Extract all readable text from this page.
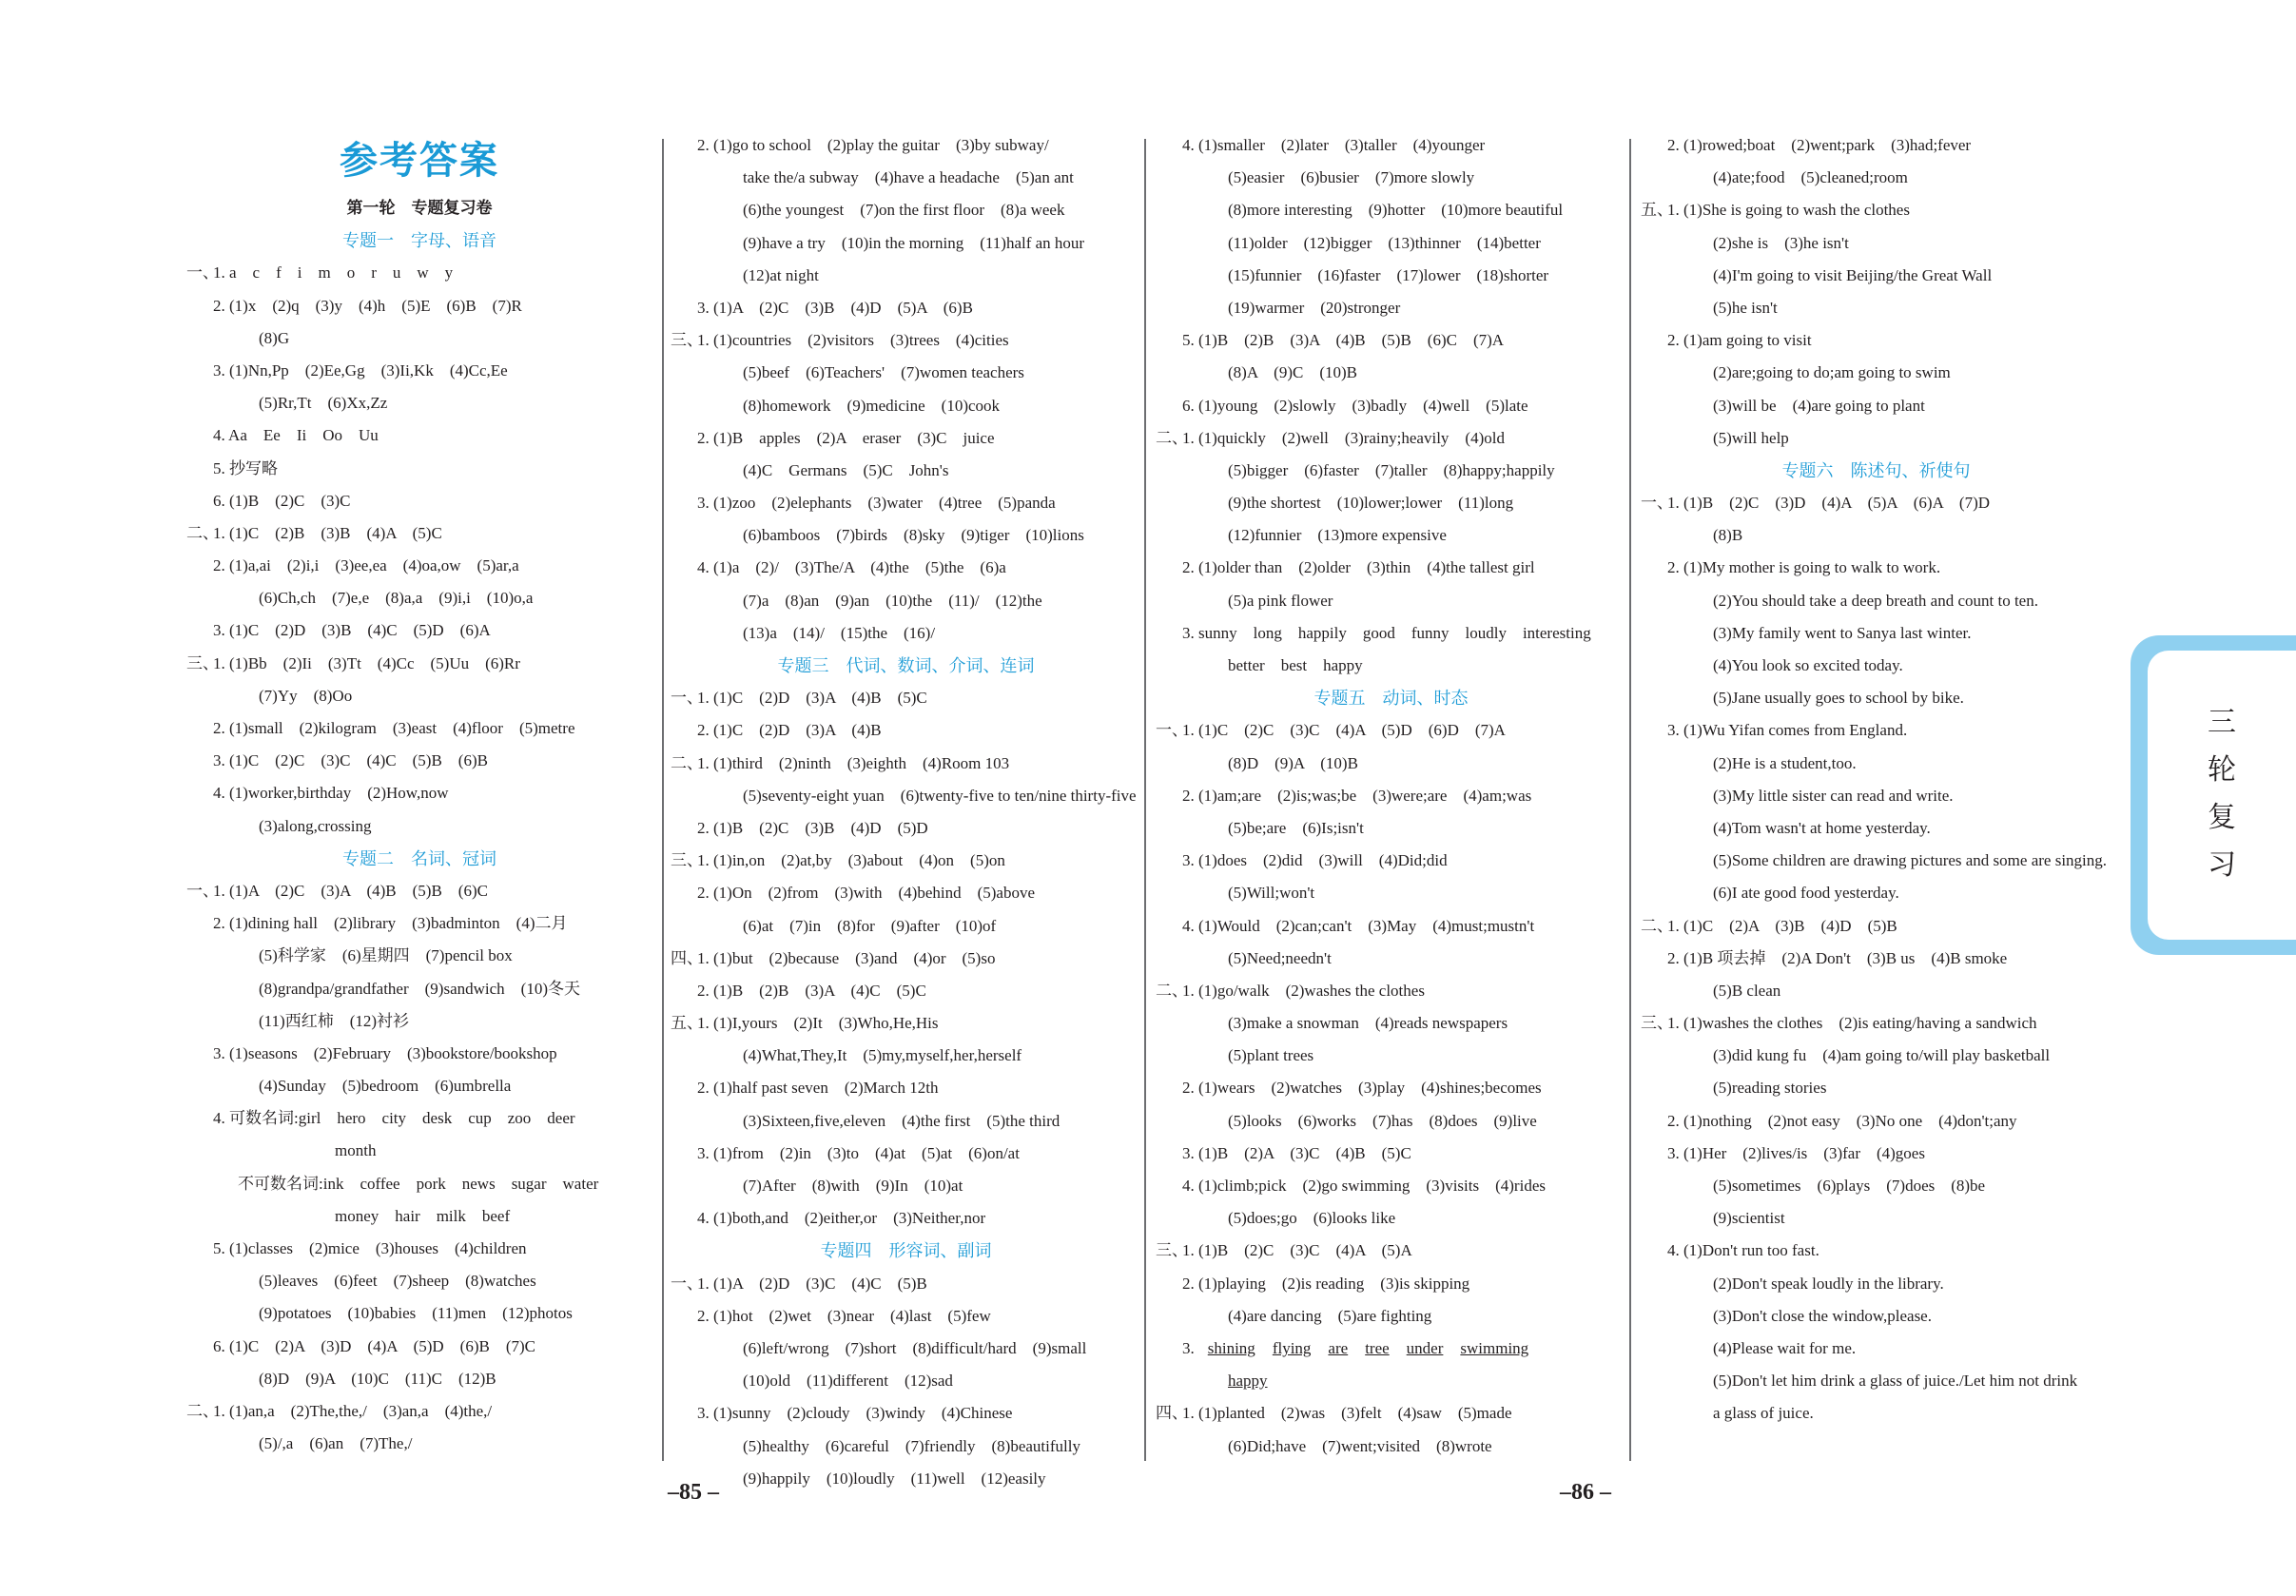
参考答案
第一轮　专题复习卷
专题一　字母、语音
一、1. a　c　f　i　m　o　r　u　w　y
2. (1)x　(2)q　(3)y　(4)h　(5)E　(6)B　(7)R
(8)G
3. (1)Nn,Pp　(2)Ee,Gg　(3)Ii,Kk　(4)Cc,Ee
(5)Rr,Tt　(6)Xx,Zz
4. Aa　Ee　Ii　Oo　Uu
5. 抄写略
6. (1)B　(2)C　(3)C
二、1. (1)C　(2)B　(3)B　(4)A　(5)C
2. (1)a,ai　(2)i,i　(3)ee,ea　(4)oa,ow　(5)ar,a
(6)Ch,ch　(7)e,e　(8)a,a　(9)i,i　(10)o,a
3. (1)C　(2)D　(3)B　(4)C　(5)D　(6)A
三、1. (1)Bb　(2)Ii　(3)Tt　(4)Cc　(5)Uu　(6)Rr
(7)Yy　(8)Oo
2. (1)small　(2)kilogram　(3)east　(4)floor　(5)metre
3. (1)C　(2)C　(3)C　(4)C　(5)B　(6)B
4. (1)worker,birthday　(2)How,now
(3)along,crossing
专题二　名词、冠词
一、1. (1)A　(2)C　(3)A　(4)B　(5)B　(6)C
2. (1)dining hall　(2)library　(3)badminton　(4)二月
(5)科学家　(6)星期四　(7)pencil box
(8)grandpa/grandfather　(9)sandwich　(10)冬天
(11)西红柿　(12)衬衫
3. (1)seasons　(2)February　(3)bookstore/bookshop
(4)Sunday　(5)bedroom　(6)umbrella
4. 可数名词:girl　hero　city　desk　cup　zoo　deer
month
不可数名词:ink　coffee　pork　news　sugar　water
money　hair　milk　beef
5. (1)classes　(2)mice　(3)houses　(4)children
(5)leaves　(6)feet　(7)sheep　(8)watches
(9)potatoes　(10)babies　(11)men　(12)photos
6. (1)C　(2)A　(3)D　(4)A　(5)D　(6)B　(7)C
(8)D　(9)A　(10)C　(11)C　(12)B
二、1. (1)an,a　(2)The,the,/　(3)an,a　(4)the,/
(5)/,a　(6)an　(7)The,/
2. (1)go to school　(2)play the guitar　(3)by subway/
take the/a subway　(4)have a headache　(5)an ant
(6)the youngest　(7)on the first floor　(8)a week
(9)have a try　(10)in the morning　(11)half an hour
(12)at night
3. (1)A　(2)C　(3)B　(4)D　(5)A　(6)B
三、1. (1)countries　(2)visitors　(3)trees　(4)cities
(5)beef　(6)Teachers'　(7)women teachers
(8)homework　(9)medicine　(10)cook
2. (1)B　apples　(2)A　eraser　(3)C　juice
(4)C　Germans　(5)C　John's
3. (1)zoo　(2)elephants　(3)water　(4)tree　(5)panda
(6)bamboos　(7)birds　(8)sky　(9)tiger　(10)lions
4. (1)a　(2)/　(3)The/A　(4)the　(5)the　(6)a
(7)a　(8)an　(9)an　(10)the　(11)/　(12)the
(13)a　(14)/　(15)the　(16)/
专题三　代词、数词、介词、连词
一、1. (1)C　(2)D　(3)A　(4)B　(5)C
2. (1)C　(2)D　(3)A　(4)B
二、1. (1)third　(2)ninth　(3)eighth　(4)Room 103
(5)seventy-eight yuan　(6)twenty-five to ten/nine thirty-five
2. (1)B　(2)C　(3)B　(4)D　(5)D
三、1. (1)in,on　(2)at,by　(3)about　(4)on　(5)on
2. (1)On　(2)from　(3)with　(4)behind　(5)above
(6)at　(7)in　(8)for　(9)after　(10)of
四、1. (1)but　(2)because　(3)and　(4)or　(5)so
2. (1)B　(2)B　(3)A　(4)C　(5)C
五、1. (1)I,yours　(2)It　(3)Who,He,His
(4)What,They,It　(5)my,myself,her,herself
2. (1)half past seven　(2)March 12th
(3)Sixteen,five,eleven　(4)the first　(5)the third
3. (1)from　(2)in　(3)to　(4)at　(5)at　(6)on/at
(7)After　(8)with　(9)In　(10)at
4. (1)both,and　(2)either,or　(3)Neither,nor
专题四　形容词、副词
一、1. (1)A　(2)D　(3)C　(4)C　(5)B
2. (1)hot　(2)wet　(3)near　(4)last　(5)few
(6)left/wrong　(7)short　(8)difficult/hard　(9)small
(10)old　(11)different　(12)sad
3. (1)sunny　(2)cloudy　(3)windy　(4)Chinese
(5)healthy　(6)careful　(7)friendly　(8)beautifully
(9)happily　(10)loudly　(11)well　(12)easily
4. (1)smaller　(2)later　(3)taller　(4)younger
(5)easier　(6)busier　(7)more slowly
(8)more interesting　(9)hotter　(10)more beautiful
(11)older　(12)bigger　(13)thinner　(14)better
(15)funnier　(16)faster　(17)lower　(18)shorter
(19)warmer　(20)stronger
5. (1)B　(2)B　(3)A　(4)B　(5)B　(6)C　(7)A
(8)A　(9)C　(10)B
6. (1)young　(2)slowly　(3)badly　(4)well　(5)late
二、1. (1)quickly　(2)well　(3)rainy;heavily　(4)old
(5)bigger　(6)faster　(7)taller　(8)happy;happily
(9)the shortest　(10)lower;lower　(11)long
(12)funnier　(13)more expensive
2. (1)older than　(2)older　(3)thin　(4)the tallest girl
(5)a pink flower
3. sunny　long　happily　good　funny　loudly　interesting
better　best　happy
专题五　动词、时态
一、1. (1)C　(2)C　(3)C　(4)A　(5)D　(6)D　(7)A
(8)D　(9)A　(10)B
2. (1)am;are　(2)is;was;be　(3)were;are　(4)am;was
(5)be;are　(6)Is;isn't
3. (1)does　(2)did　(3)will　(4)Did;did
(5)Will;won't
4. (1)Would　(2)can;can't　(3)May　(4)must;mustn't
(5)Need;needn't
二、1. (1)go/walk　(2)washes the clothes
(3)make a snowman　(4)reads newspapers
(5)plant trees
2. (1)wears　(2)watches　(3)play　(4)shines;becomes
(5)looks　(6)works　(7)has　(8)does　(9)live
3. (1)B　(2)A　(3)C　(4)B　(5)C
4. (1)climb;pick　(2)go swimming　(3)visits　(4)rides
(5)does;go　(6)looks like
三、1. (1)B　(2)C　(3)C　(4)A　(5)A
2. (1)playing　(2)is reading　(3)is skipping
(4)are dancing　(5)are fighting
3. shining flying are tree under swimming
happy
四、1. (1)planted　(2)was　(3)felt　(4)saw　(5)made
(6)Did;have　(7)went;visited　(8)wrote
2. (1)rowed;boat　(2)went;park　(3)had;fever
(4)ate;food　(5)cleaned;room
五、1. (1)She is going to wash the clothes
(2)she is　(3)he isn't
(4)I'm going to visit Beijing/the Great Wall
(5)he isn't
2. (1)am going to visit
(2)are;going to do;am going to swim
(3)will be　(4)are going to plant
(5)will help
专题六　陈述句、祈使句
一、1. (1)B　(2)C　(3)D　(4)A　(5)A　(6)A　(7)D
(8)B
2. (1)My mother is going to walk to work.
(2)You should take a deep breath and count to ten.
(3)My family went to Sanya last winter.
(4)You look so excited today.
(5)Jane usually goes to school by bike.
3. (1)Wu Yifan comes from England.
(2)He is a student,too.
(3)My little sister can read and write.
(4)Tom wasn't at home yesterday.
(5)Some children are drawing pictures and some are singing.
(6)I ate good food yesterday.
二、1. (1)C　(2)A　(3)B　(4)D　(5)B
2. (1)B 项去掉　(2)A Don't　(3)B us　(4)B smoke
(5)B clean
三、1. (1)washes the clothes　(2)is eating/having a sandwich
(3)did kung fu　(4)am going to/will play basketball
(5)reading stories
2. (1)nothing　(2)not easy　(3)No one　(4)don't;any
3. (1)Her　(2)lives/is　(3)far　(4)goes
(5)sometimes　(6)plays　(7)does　(8)be
(9)scientist
4. (1)Don't run too fast.
(2)Don't speak loudly in the library.
(3)Don't close the window,please.
(4)Please wait for me.
(5)Don't let him drink a glass of juice./Let him not drink
a glass of juice.
–85 –	–86 –
三
轮
复
习
